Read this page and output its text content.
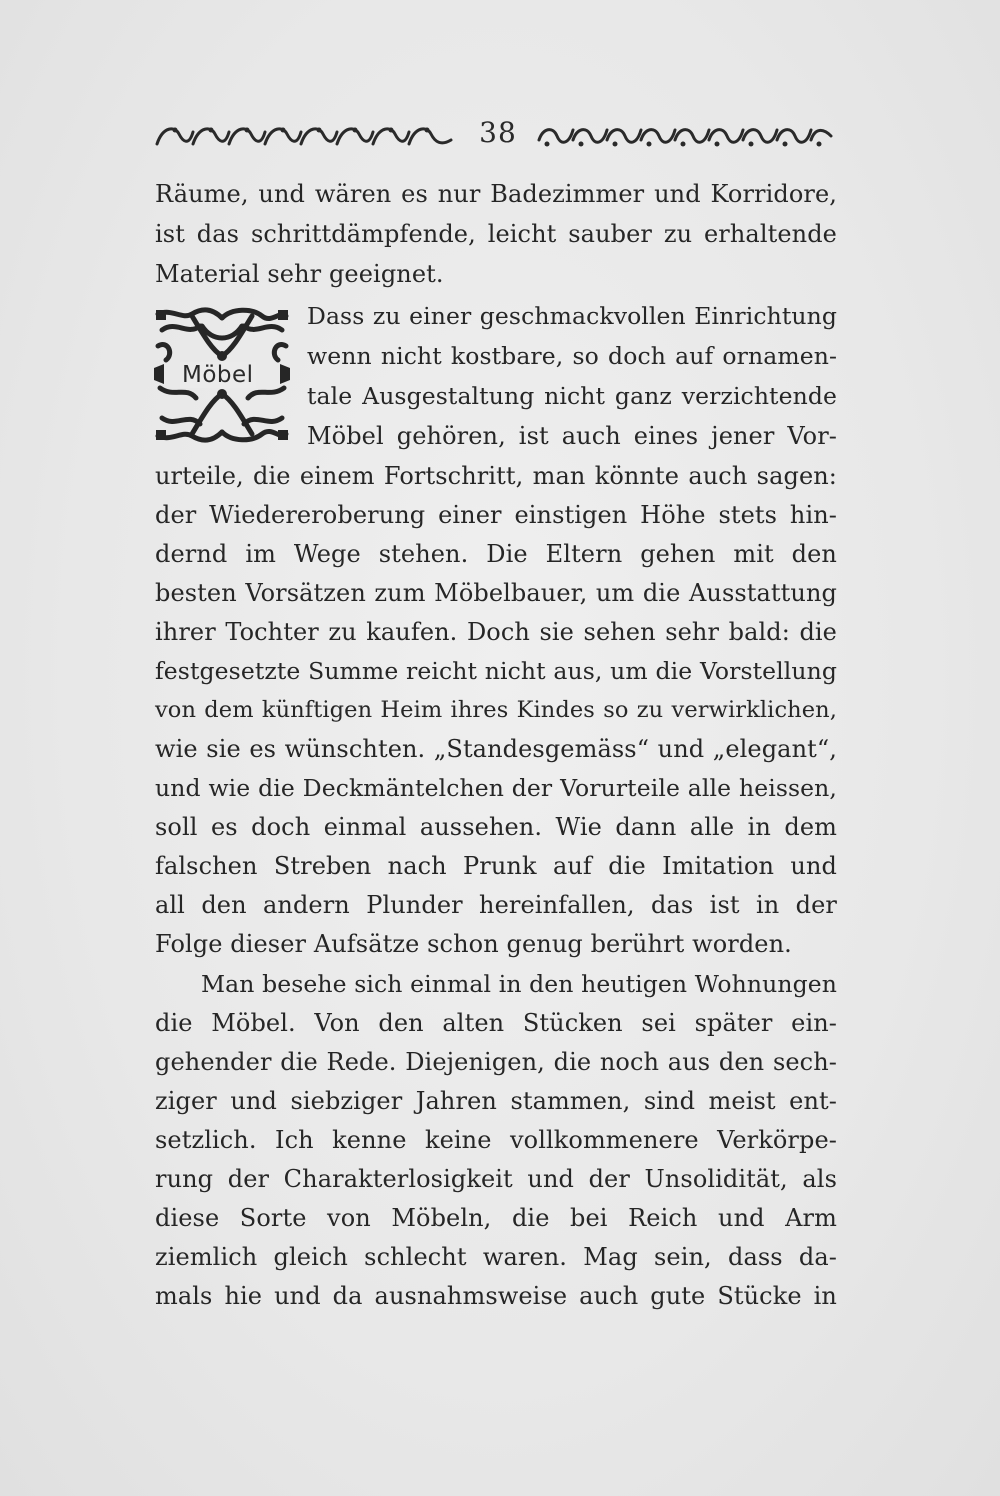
38
Möbel
Räume, und wären es nur Badezimmer und Korridore,
ist das schrittdämpfende, leicht sauber zu erhaltende
Material sehr geeignet.
Dass zu einer geschmackvollen Einrichtung
wenn nicht kostbare, so doch auf ornamen-
tale Ausgestaltung nicht ganz verzichtende
Möbel gehören, ist auch eines jener Vor-
urteile, die einem Fortschritt, man könnte auch sagen:
der Wiedereroberung einer einstigen Höhe stets hin-
dernd im Wege stehen. Die Eltern gehen mit den
besten Vorsätzen zum Möbelbauer, um die Ausstattung
ihrer Tochter zu kaufen. Doch sie sehen sehr bald: die
festgesetzte Summe reicht nicht aus, um die Vorstellung
von dem künftigen Heim ihres Kindes so zu verwirklichen,
wie sie es wünschten. „Standesgemäss“ und „elegant“,
und wie die Deckmäntelchen der Vorurteile alle heissen,
soll es doch einmal aussehen. Wie dann alle in dem
falschen Streben nach Prunk auf die Imitation und
all den andern Plunder hereinfallen, das ist in der
Folge dieser Aufsätze schon genug berührt worden.
Man besehe sich einmal in den heutigen Wohnungen
die Möbel. Von den alten Stücken sei später ein-
gehender die Rede. Diejenigen, die noch aus den sech-
ziger und siebziger Jahren stammen, sind meist ent-
setzlich. Ich kenne keine vollkommenere Verkörpe-
rung der Charakterlosigkeit und der Unsolidität, als
diese Sorte von Möbeln, die bei Reich und Arm
ziemlich gleich schlecht waren. Mag sein, dass da-
mals hie und da ausnahmsweise auch gute Stücke in
